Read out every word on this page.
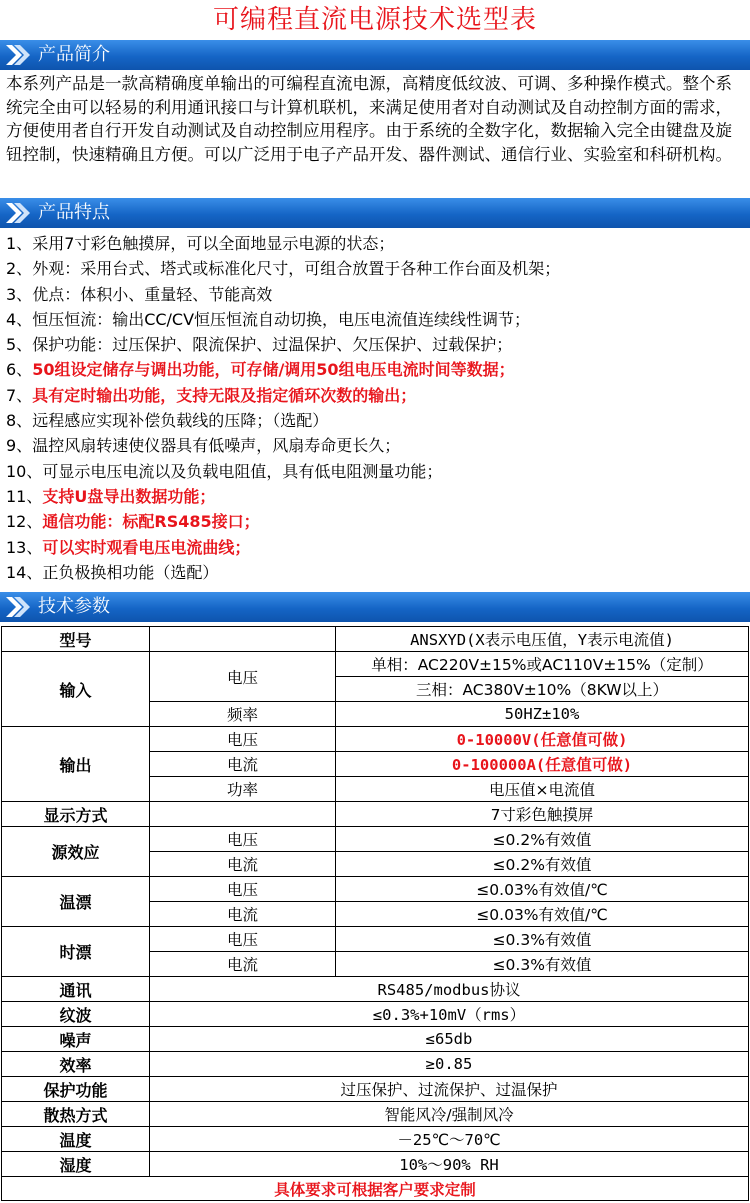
可编程直流电源技术选型表
产品简介
本系列产品是一款高精确度单输出的可编程直流电源，高精度低纹波、可调、多种操作模式。整个系统完全由可以轻易的利用通讯接口与计算机联机，来满足使用者对自动测试及自动控制方面的需求，方便使用者自行开发自动测试及自动控制应用程序。由于系统的全数字化，数据输入完全由键盘及旋钮控制，快速精确且方便。可以广泛用于电子产品开发、器件测试、通信行业、实验室和科研机构。
产品特点
1、采用7寸彩色触摸屏，可以全面地显示电源的状态；
2、外观：采用台式、塔式或标准化尺寸，可组合放置于各种工作台面及机架；
3、优点：体积小、重量轻、节能高效
4、恒压恒流：输出CC/CV恒压恒流自动切换，电压电流值连续线性调节；
5、保护功能：过压保护、限流保护、过温保护、欠压保护、过载保护；
6、50组设定储存与调出功能，可存储/调用50组电压电流时间等数据；
7、具有定时输出功能，支持无限及指定循环次数的输出；
8、远程感应实现补偿负载线的压降；（选配）
9、温控风扇转速使仪器具有低噪声，风扇寿命更长久；
10、可显示电压电流以及负载电阻值，具有低电阻测量功能；
11、支持U盘导出数据功能；
12、通信功能：标配RS485接口；
13、可以实时观看电压电流曲线；
14、正负极换相功能（选配）
技术参数
型号		ANSXYD(X表示电压值，Y表示电流值)
输入	电压	单相：AC220V±15%或AC110V±15%（定制）
		三相：AC380V±10%（8KW以上）
	频率	50HZ±10%
输出	电压	0-10000V(任意值可做)
	电流	0-100000A(任意值可做)
	功率	电压值×电流值
显示方式		7寸彩色触摸屏
源效应	电压	≤0.2%有效值
	电流	≤0.2%有效值
温漂	电压	≤0.03%有效值/℃
	电流	≤0.03%有效值/℃
时漂	电压	≤0.3%有效值
	电流	≤0.3%有效值
通讯	RS485/modbus协议	
纹波	≤0.3%+10mV（rms）	
噪声	≤65db	
效率	≥0.85	
保护功能	过压保护、过流保护、过温保护	
散热方式	智能风冷/强制风冷	
温度	－25℃～70℃	
湿度	10%～90% RH	
具体要求可根据客户要求定制		
